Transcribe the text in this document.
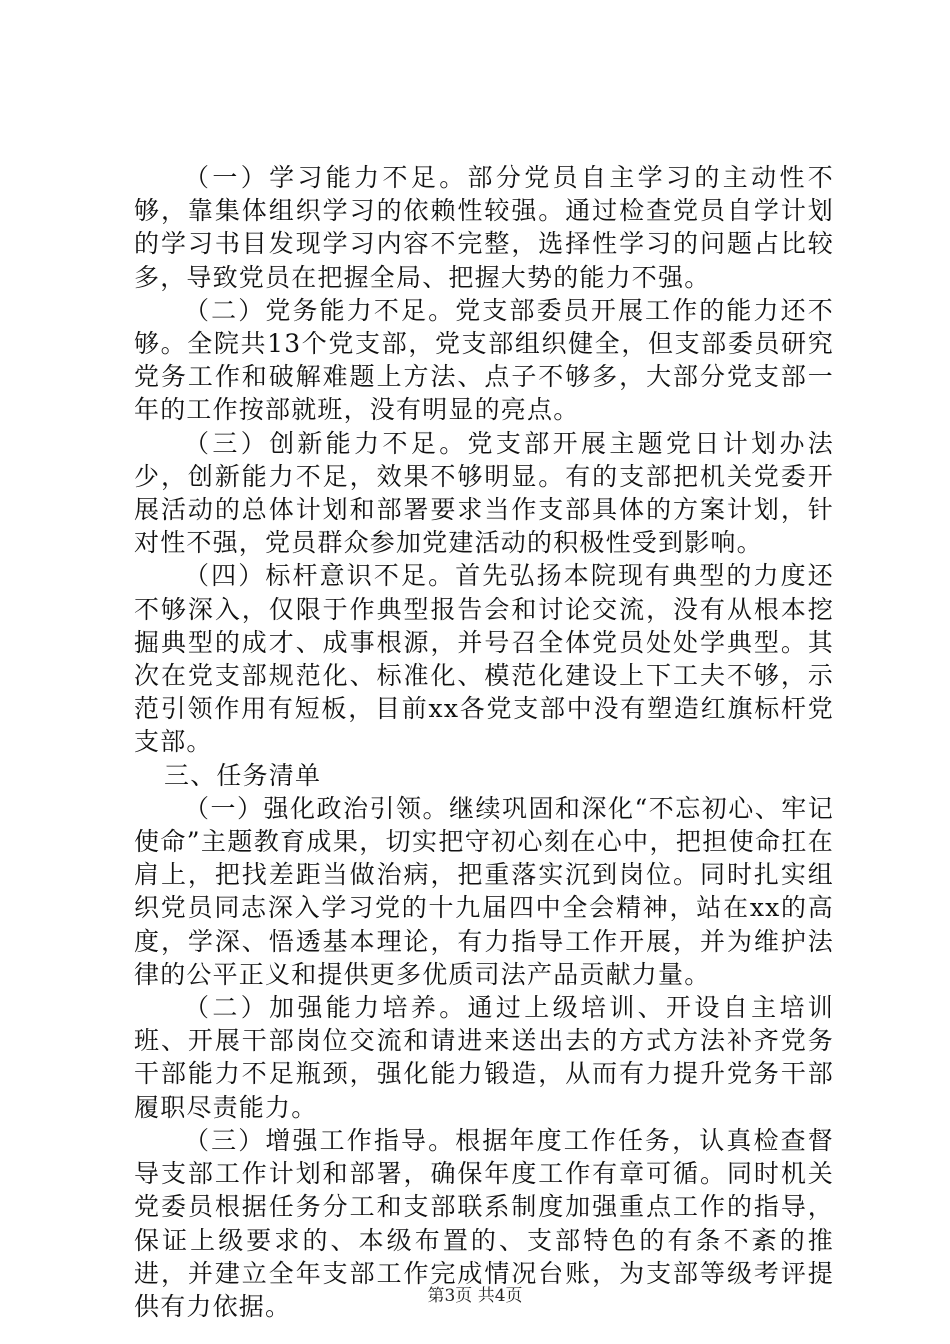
（一）学习能力不足。部分党员自主学习的主动性不够，靠集体组织学习的依赖性较强。通过检查党员自学计划的学习书目发现学习内容不完整，选择性学习的问题占比较多，导致党员在把握全局、把握大势的能力不强。

（二）党务能力不足。党支部委员开展工作的能力还不够。全院共13个党支部，党支部组织健全，但支部委员研究党务工作和破解难题上方法、点子不够多，大部分党支部一年的工作按部就班，没有明显的亮点。

（三）创新能力不足。党支部开展主题党日计划办法少，创新能力不足，效果不够明显。有的支部把机关党委开展活动的总体计划和部署要求当作支部具体的方案计划，针对性不强，党员群众参加党建活动的积极性受到影响。

（四）标杆意识不足。首先弘扬本院现有典型的力度还不够深入，仅限于作典型报告会和讨论交流，没有从根本挖掘典型的成才、成事根源，并号召全体党员处处学典型。其次在党支部规范化、标准化、模范化建设上下工夫不够，示范引领作用有短板，目前xx各党支部中没有塑造红旗标杆党支部。

三、任务清单

（一）强化政治引领。继续巩固和深化“不忘初心、牢记使命”主题教育成果，切实把守初心刻在心中，把担使命扛在肩上，把找差距当做治病，把重落实沉到岗位。同时扎实组织党员同志深入学习党的十九届四中全会精神，站在xx的高度，学深、悟透基本理论，有力指导工作开展，并为维护法律的公平正义和提供更多优质司法产品贡献力量。

（二）加强能力培养。通过上级培训、开设自主培训班、开展干部岗位交流和请进来送出去的方式方法补齐党务干部能力不足瓶颈，强化能力锻造，从而有力提升党务干部履职尽责能力。

（三）增强工作指导。根据年度工作任务，认真检查督导支部工作计划和部署，确保年度工作有章可循。同时机关党委员根据任务分工和支部联系制度加强重点工作的指导，保证上级要求的、本级布置的、支部特色的有条不紊的推进，并建立全年支部工作完成情况台账，为支部等级考评提供有力依据。	第3页 共4页
